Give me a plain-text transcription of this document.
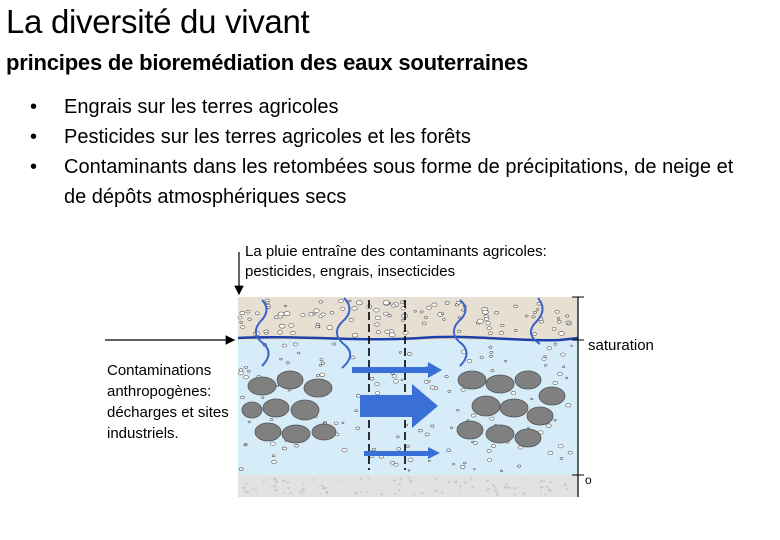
La diversité du vivant
principes de bioremédiation des eaux souterraines
• Engrais sur les terres agricoles
• Pesticides sur les terres agricoles et les forêts
• Contaminants dans les retombées sous forme de précipitations, de neige et de dépôts atmosphériques secs
La pluie entraîne des contaminants agricoles: pesticides, engrais, insecticides
Contaminations anthropogènes: décharges et sites industriels.
saturation
o
